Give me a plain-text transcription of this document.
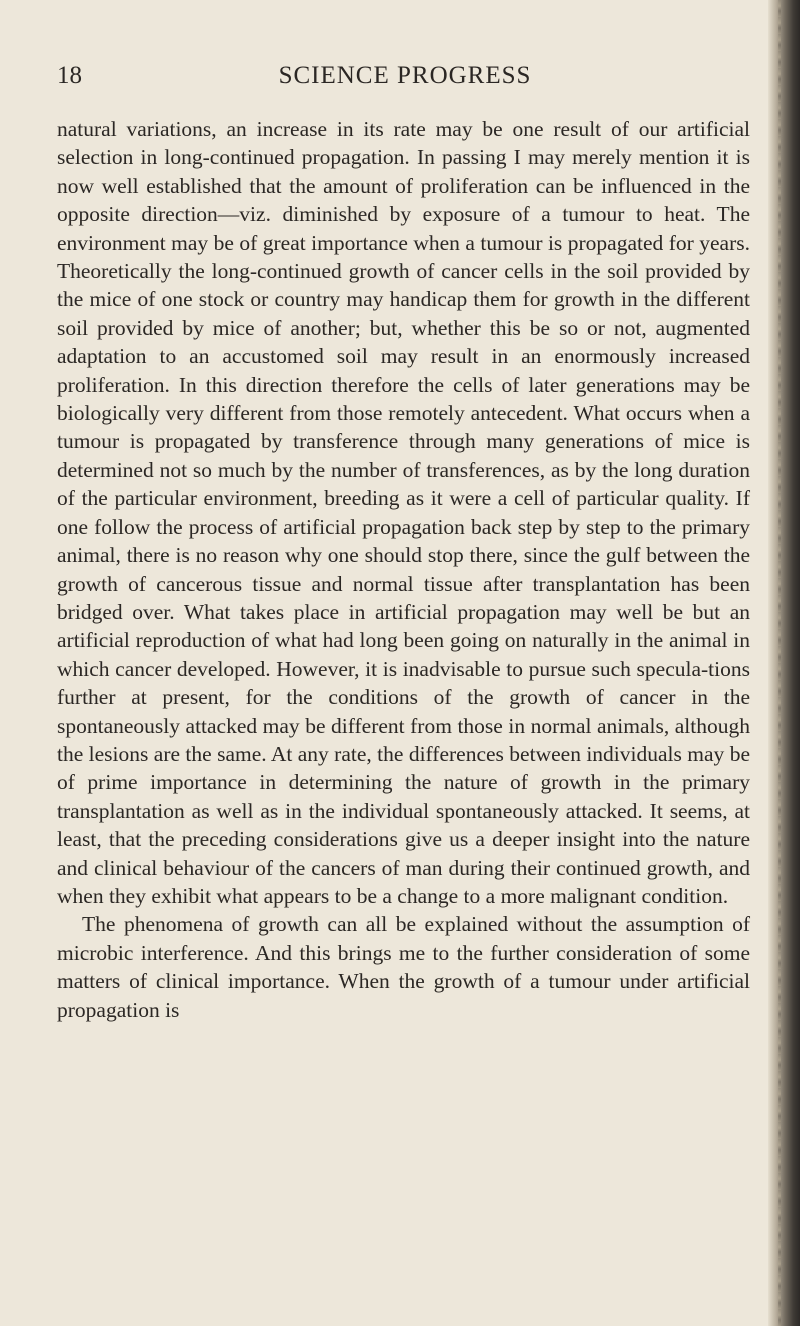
18	SCIENCE PROGRESS

natural variations, an increase in its rate may be one result of our artificial selection in long-continued propagation. In passing I may merely mention it is now well established that the amount of proliferation can be influenced in the opposite direction—viz. diminished by exposure of a tumour to heat. The environment may be of great importance when a tumour is propagated for years. Theoretically the long-continued growth of cancer cells in the soil provided by the mice of one stock or country may handicap them for growth in the different soil provided by mice of another; but, whether this be so or not, augmented adaptation to an accustomed soil may result in an enormously increased proliferation. In this direction therefore the cells of later generations may be biologically very different from those remotely antecedent. What occurs when a tumour is propagated by transference through many generations of mice is determined not so much by the number of transferences, as by the long duration of the particular environment, breeding as it were a cell of particular quality. If one follow the process of artificial propagation back step by step to the primary animal, there is no reason why one should stop there, since the gulf between the growth of cancerous tissue and normal tissue after transplantation has been bridged over. What takes place in artificial propagation may well be but an artificial reproduction of what had long been going on naturally in the animal in which cancer developed. However, it is inadvisable to pursue such specula-tions further at present, for the conditions of the growth of cancer in the spontaneously attacked may be different from those in normal animals, although the lesions are the same. At any rate, the differences between individuals may be of prime importance in determining the nature of growth in the primary transplantation as well as in the individual spontaneously attacked. It seems, at least, that the preceding considerations give us a deeper insight into the nature and clinical behaviour of the cancers of man during their continued growth, and when they exhibit what appears to be a change to a more malignant condition.

The phenomena of growth can all be explained without the assumption of microbic interference. And this brings me to the further consideration of some matters of clinical importance. When the growth of a tumour under artificial propagation is
